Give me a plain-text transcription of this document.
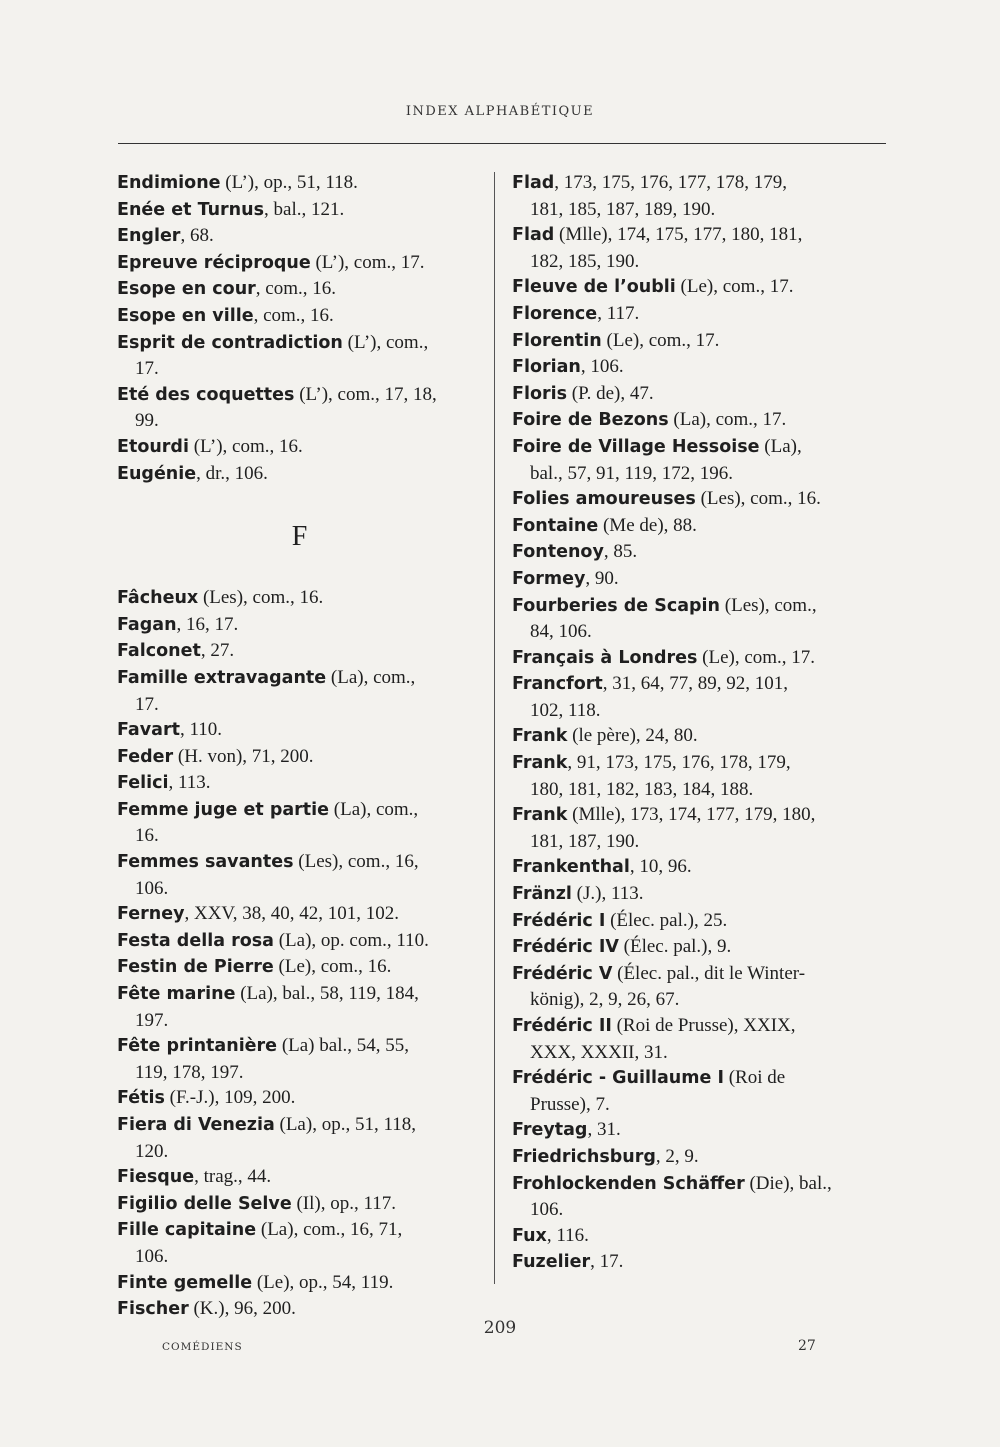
INDEX ALPHABÉTIQUE
Endimione (L’), op., 51, 118.
Enée et Turnus, bal., 121.
Engler, 68.
Epreuve réciproque (L’), com., 17.
Esope en cour, com., 16.
Esope en ville, com., 16.
Esprit de contradiction (L’), com.,
17.
Eté des coquettes (L’), com., 17, 18,
99.
Etourdi (L’), com., 16.
Eugénie, dr., 106.
F
Fâcheux (Les), com., 16.
Fagan, 16, 17.
Falconet, 27.
Famille extravagante (La), com.,
17.
Favart, 110.
Feder (H. von), 71, 200.
Felici, 113.
Femme juge et partie (La), com.,
16.
Femmes savantes (Les), com., 16,
106.
Ferney, XXV, 38, 40, 42, 101, 102.
Festa della rosa (La), op. com., 110.
Festin de Pierre (Le), com., 16.
Fête marine (La), bal., 58, 119, 184,
197.
Fête printanière (La) bal., 54, 55,
119, 178, 197.
Fétis (F.-J.), 109, 200.
Fiera di Venezia (La), op., 51, 118,
120.
Fiesque, trag., 44.
Figilio delle Selve (Il), op., 117.
Fille capitaine (La), com., 16, 71,
106.
Finte gemelle (Le), op., 54, 119.
Fischer (K.), 96, 200.
Flad, 173, 175, 176, 177, 178, 179,
181, 185, 187, 189, 190.
Flad (Mlle), 174, 175, 177, 180, 181,
182, 185, 190.
Fleuve de l’oubli (Le), com., 17.
Florence, 117.
Florentin (Le), com., 17.
Florian, 106.
Floris (P. de), 47.
Foire de Bezons (La), com., 17.
Foire de Village Hessoise (La),
bal., 57, 91, 119, 172, 196.
Folies amoureuses (Les), com., 16.
Fontaine (Me de), 88.
Fontenoy, 85.
Formey, 90.
Fourberies de Scapin (Les), com.,
84, 106.
Français à Londres (Le), com., 17.
Francfort, 31, 64, 77, 89, 92, 101,
102, 118.
Frank (le père), 24, 80.
Frank, 91, 173, 175, 176, 178, 179,
180, 181, 182, 183, 184, 188.
Frank (Mlle), 173, 174, 177, 179, 180,
181, 187, 190.
Frankenthal, 10, 96.
Fränzl (J.), 113.
Frédéric I (Élec. pal.), 25.
Frédéric IV (Élec. pal.), 9.
Frédéric V (Élec. pal., dit le Winter-
könig), 2, 9, 26, 67.
Frédéric II (Roi de Prusse), XXIX,
XXX, XXXII, 31.
Frédéric - Guillaume I (Roi de
Prusse), 7.
Freytag, 31.
Friedrichsburg, 2, 9.
Frohlockenden Schäffer (Die), bal.,
106.
Fux, 116.
Fuzelier, 17.
209
COMÉDIENS	27
